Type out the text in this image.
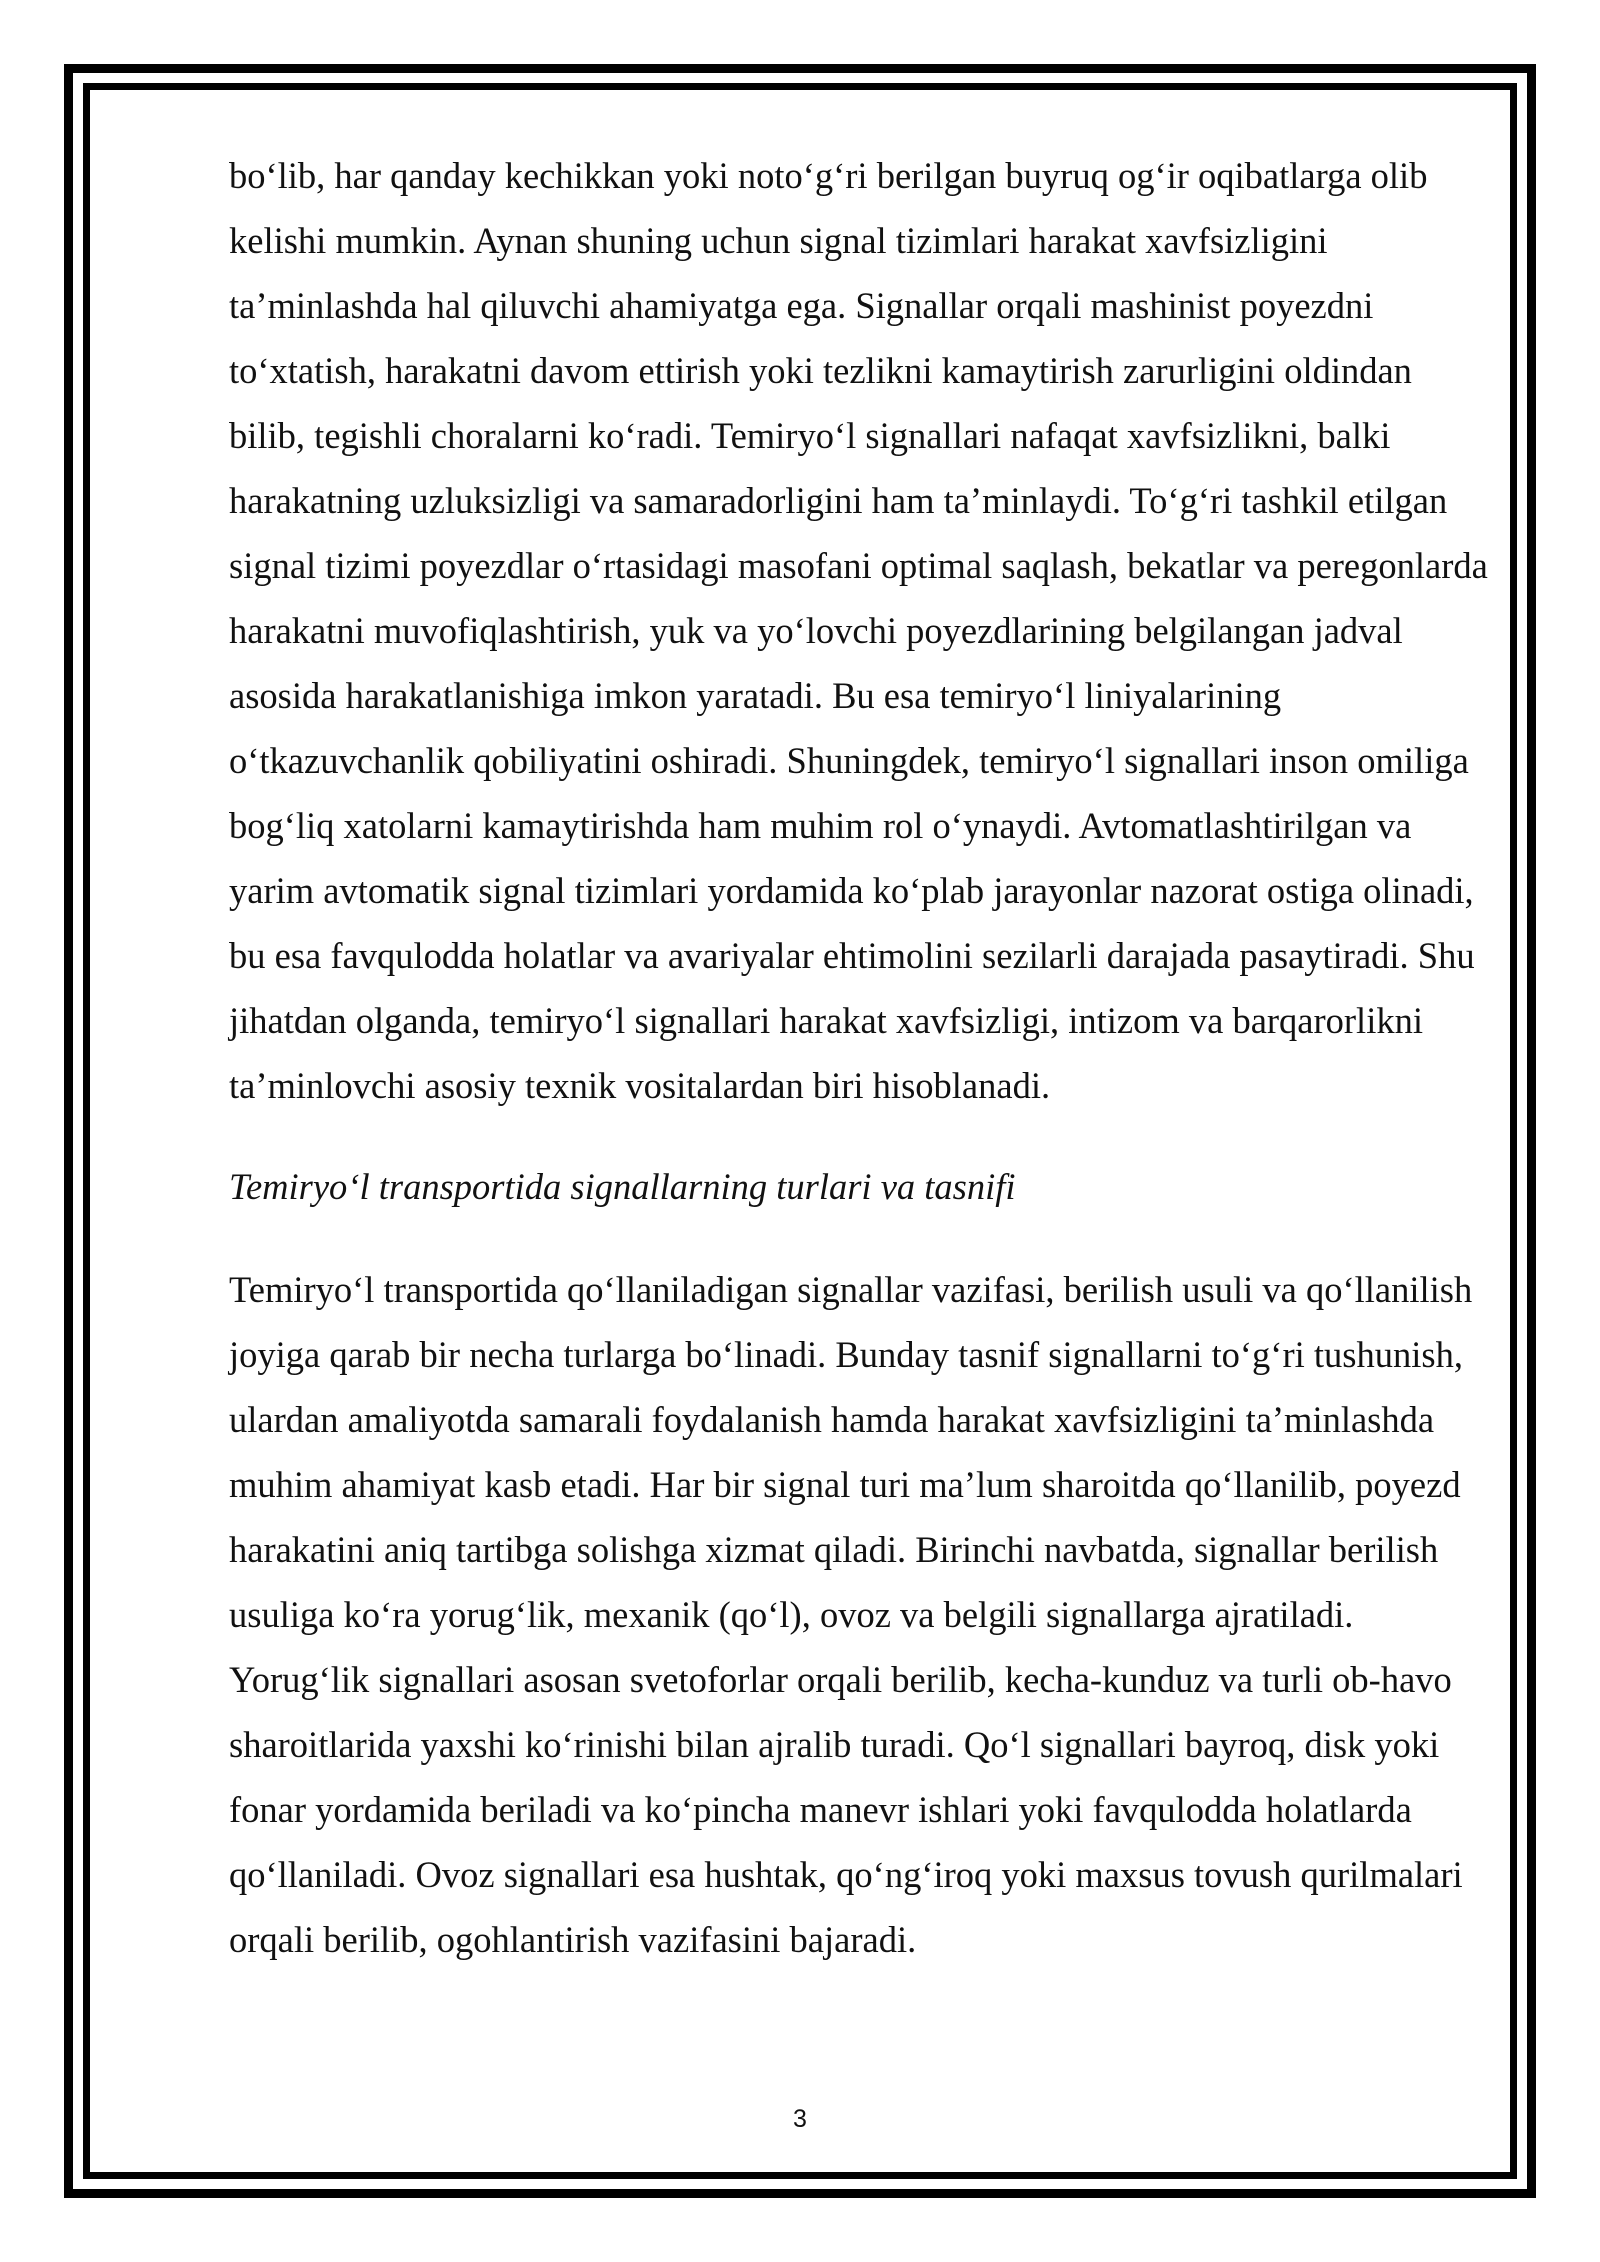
bo‘lib, har qanday kechikkan yoki noto‘g‘ri berilgan buyruq og‘ir oqibatlarga olib kelishi mumkin. Aynan shuning uchun signal tizimlari harakat xavfsizligini ta’minlashda hal qiluvchi ahamiyatga ega. Signallar orqali mashinist poyezdni to‘xtatish, harakatni davom ettirish yoki tezlikni kamaytirish zarurligini oldindan bilib, tegishli choralarni ko‘radi. Temiryo‘l signallari nafaqat xavfsizlikni, balki harakatning uzluksizligi va samaradorligini ham ta’minlaydi. To‘g‘ri tashkil etilgan signal tizimi poyezdlar o‘rtasidagi masofani optimal saqlash, bekatlar va peregonlarda harakatni muvofiqlashtirish, yuk va yo‘lovchi poyezdlarining belgilangan jadval asosida harakatlanishiga imkon yaratadi. Bu esa temiryo‘l liniyalarining o‘tkazuvchanlik qobiliyatini oshiradi. Shuningdek, temiryo‘l signallari inson omiliga bog‘liq xatolarni kamaytirishda ham muhim rol o‘ynaydi. Avtomatlashtirilgan va yarim avtomatik signal tizimlari yordamida ko‘plab jarayonlar nazorat ostiga olinadi, bu esa favqulodda holatlar va avariyalar ehtimolini sezilarli darajada pasaytiradi. Shu jihatdan olganda, temiryo‘l signallari harakat xavfsizligi, intizom va barqarorlikni ta’minlovchi asosiy texnik vositalardan biri hisoblanadi.

Temiryo‘l transportida signallarning turlari va tasnifi

Temiryo‘l transportida qo‘llaniladigan signallar vazifasi, berilish usuli va qo‘llanilish joyiga qarab bir necha turlarga bo‘linadi. Bunday tasnif signallarni to‘g‘ri tushunish, ulardan amaliyotda samarali foydalanish hamda harakat xavfsizligini ta’minlashda muhim ahamiyat kasb etadi. Har bir signal turi ma’lum sharoitda qo‘llanilib, poyezd harakatini aniq tartibga solishga xizmat qiladi. Birinchi navbatda, signallar berilish usuliga ko‘ra yorug‘lik, mexanik (qo‘l), ovoz va belgili signallarga ajratiladi. Yorug‘lik signallari asosan svetoforlar orqali berilib, kecha-kunduz va turli ob-havo sharoitlarida yaxshi ko‘rinishi bilan ajralib turadi. Qo‘l signallari bayroq, disk yoki fonar yordamida beriladi va ko‘pincha manevr ishlari yoki favqulodda holatlarda qo‘llaniladi. Ovoz signallari esa hushtak, qo‘ng‘iroq yoki maxsus tovush qurilmalari orqali berilib, ogohlantirish vazifasini bajaradi.

3
